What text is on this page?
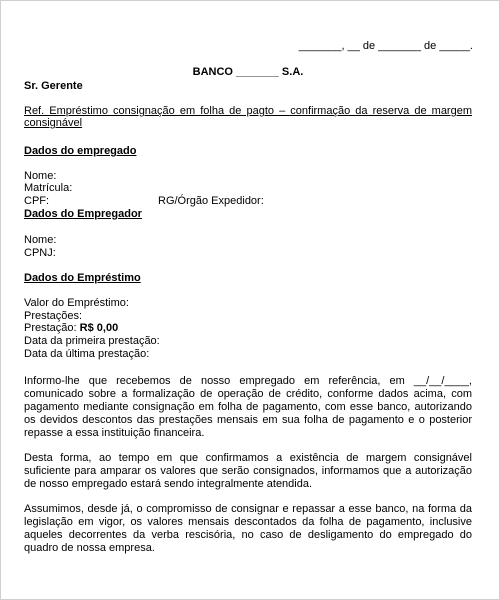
_______, __ de _______ de _____.
BANCO _______ S.A.
Sr. Gerente
Ref. Empréstimo consignação em folha de pagto – confirmação da reserva de margem consignável
Dados do empregado
Nome:
Matrícula:
CPF:	RG/Órgão Expedidor:
Dados do Empregador
Nome:
CPNJ:
Dados do Empréstimo
Valor do Empréstimo:
Prestações:
Prestação: R$ 0,00
Data da primeira prestação:
Data da última prestação:
Informo-lhe que recebemos de nosso empregado em referência, em __/__/____, comunicado sobre a formalização de operação de crédito, conforme dados acima, com pagamento mediante consignação em folha de pagamento, com esse banco, autorizando os devidos descontos das prestações mensais em sua folha de pagamento e o posterior repasse a essa instituição financeira.
Desta forma, ao tempo em que confirmamos a existência de margem consignável suficiente para amparar os valores que serão consignados, informamos que a autorização de nosso empregado estará sendo integralmente atendida.
Assumimos, desde já, o compromisso de consignar e repassar a esse banco, na forma da legislação em vigor, os valores mensais descontados da folha de pagamento, inclusive aqueles decorrentes da verba rescisória, no caso de desligamento do empregado do quadro de nossa empresa.
